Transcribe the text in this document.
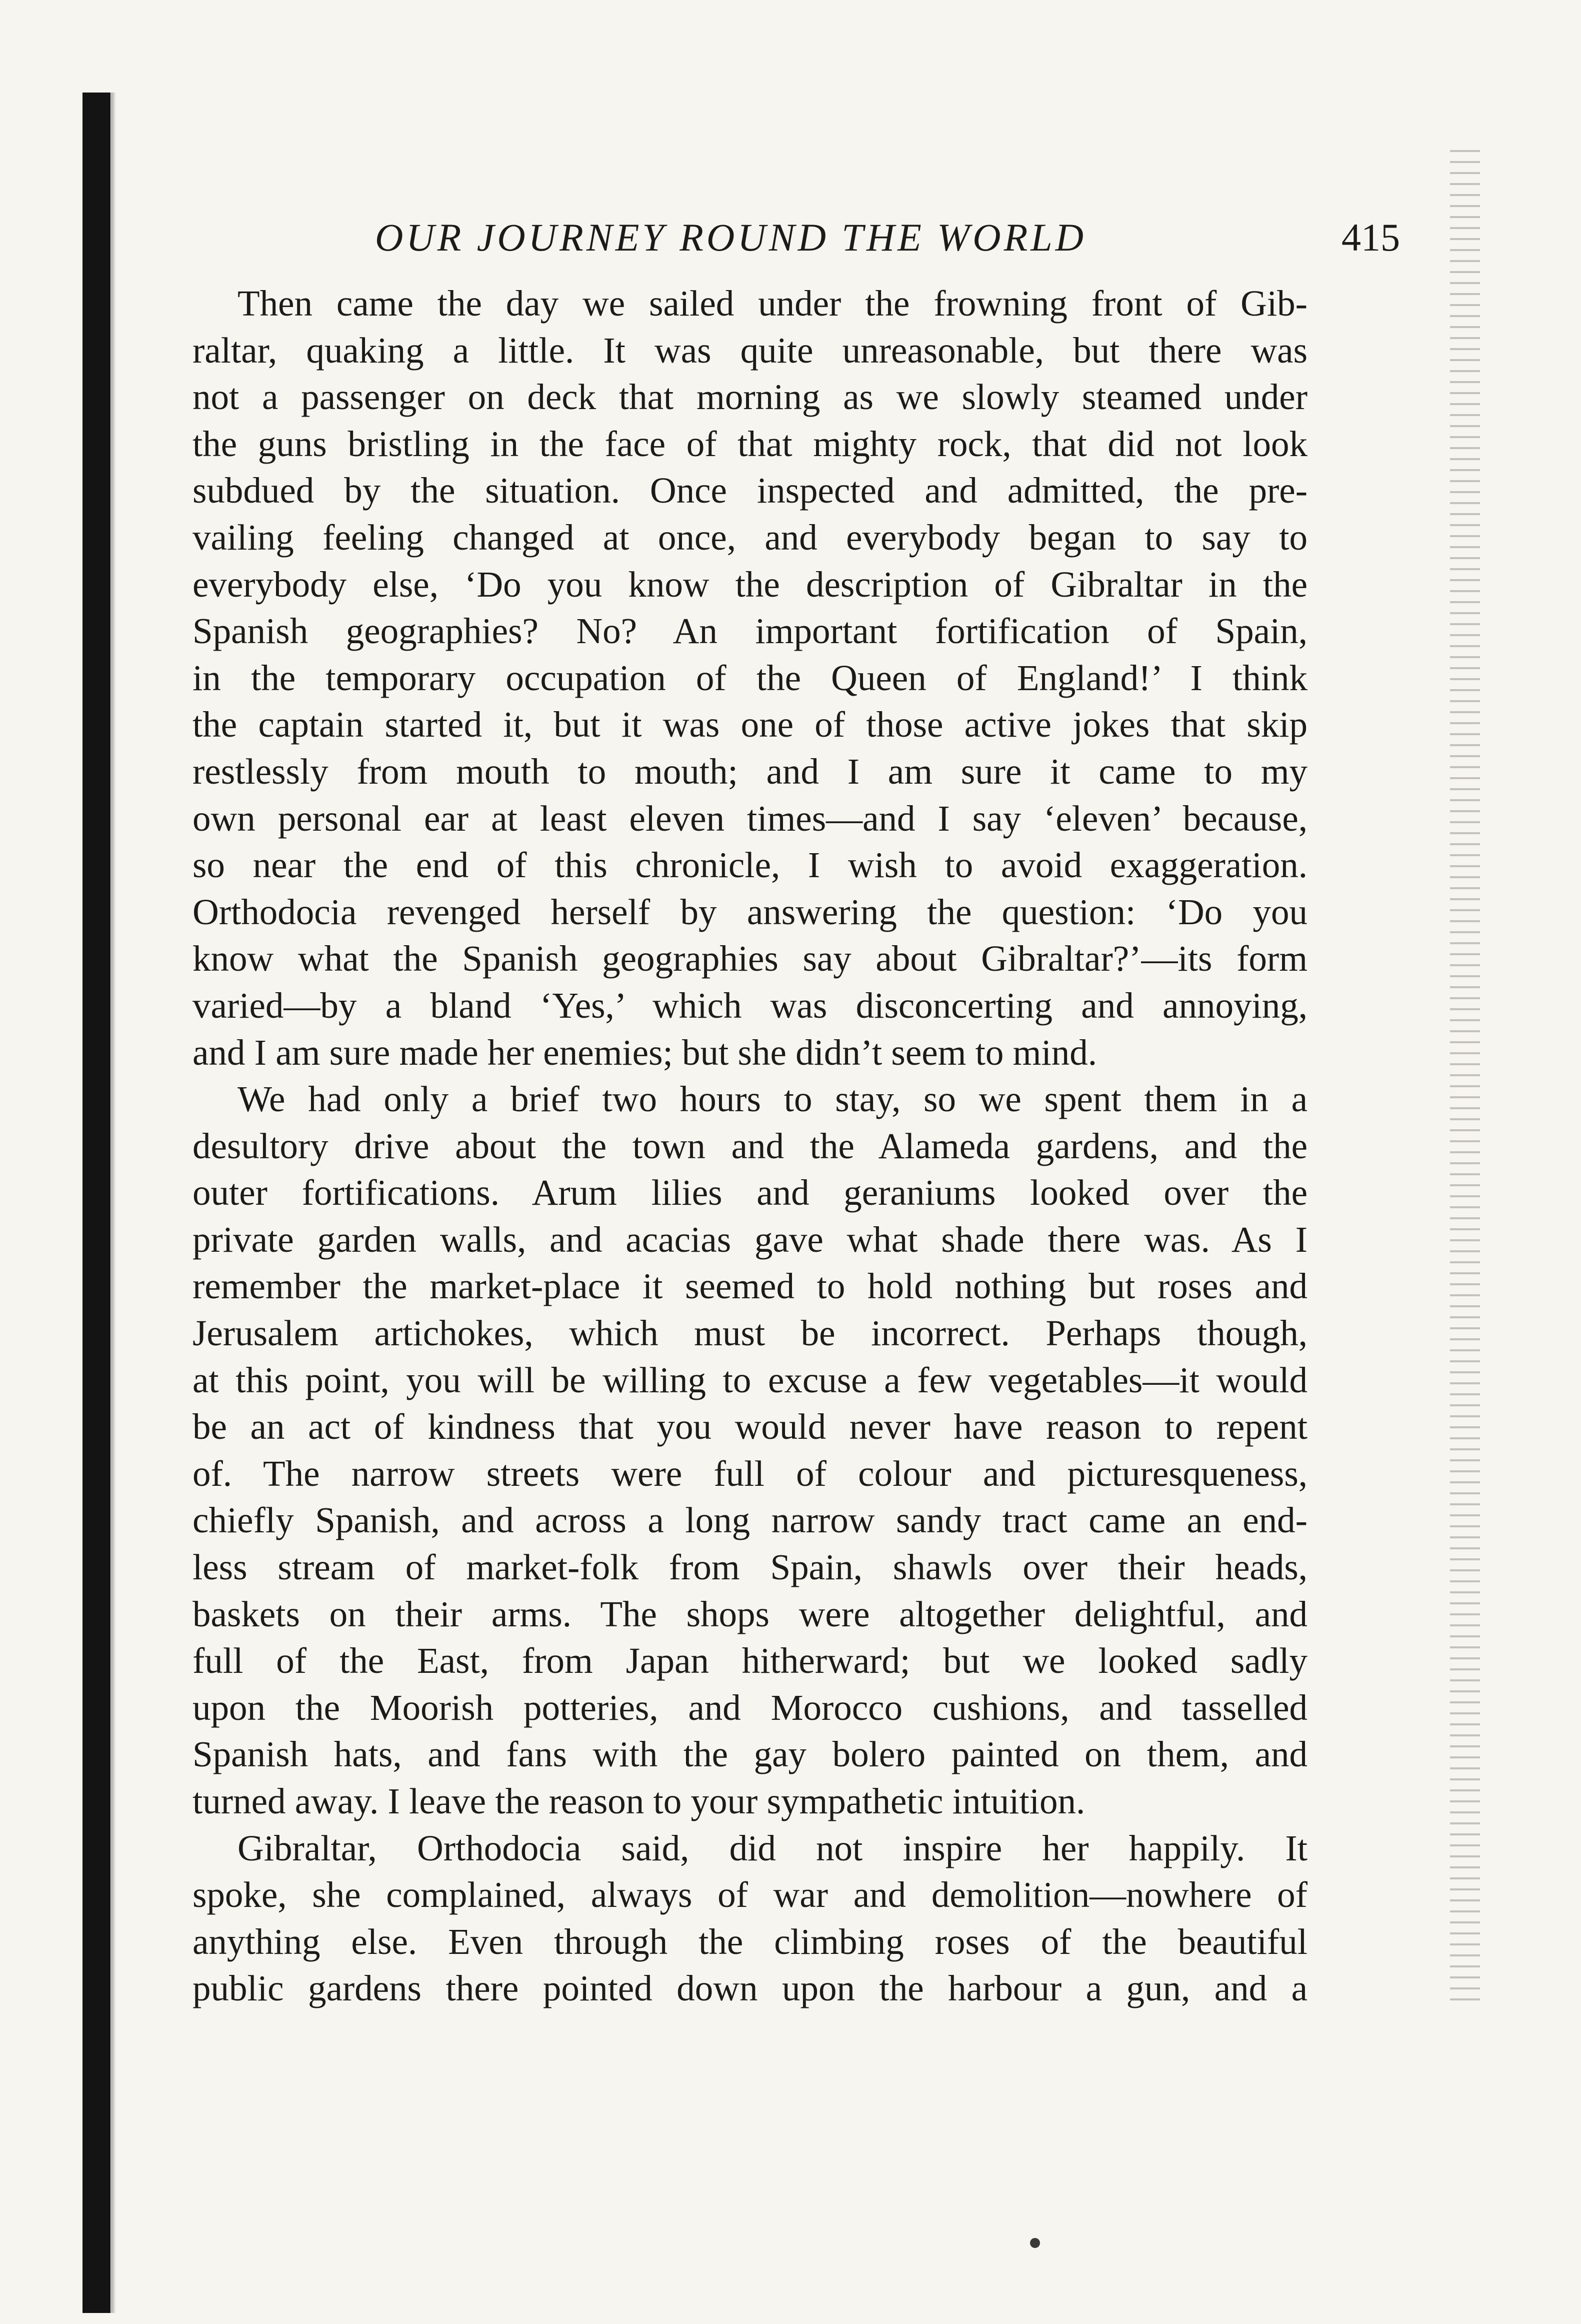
OUR JOURNEY ROUND THE WORLD	415
Then came the day we sailed under the frowning front of Gib-
raltar, quaking a little. It was quite unreasonable, but there was
not a passenger on deck that morning as we slowly steamed under
the guns bristling in the face of that mighty rock, that did not look
subdued by the situation. Once inspected and admitted, the pre-
vailing feeling changed at once, and everybody began to say to
everybody else, ‘Do you know the description of Gibraltar in the
Spanish geographies? No? An important fortification of Spain,
in the temporary occupation of the Queen of England!’ I think
the captain started it, but it was one of those active jokes that skip
restlessly from mouth to mouth; and I am sure it came to my
own personal ear at least eleven times—and I say ‘eleven’ because,
so near the end of this chronicle, I wish to avoid exaggeration.
Orthodocia revenged herself by answering the question: ‘Do you
know what the Spanish geographies say about Gibraltar?’—its form
varied—by a bland ‘Yes,’ which was disconcerting and annoying,
and I am sure made her enemies; but she didn’t seem to mind.
We had only a brief two hours to stay, so we spent them in a
desultory drive about the town and the Alameda gardens, and the
outer fortifications. Arum lilies and geraniums looked over the
private garden walls, and acacias gave what shade there was. As I
remember the market-place it seemed to hold nothing but roses and
Jerusalem artichokes, which must be incorrect. Perhaps though,
at this point, you will be willing to excuse a few vegetables—it would
be an act of kindness that you would never have reason to repent
of. The narrow streets were full of colour and picturesqueness,
chiefly Spanish, and across a long narrow sandy tract came an end-
less stream of market-folk from Spain, shawls over their heads,
baskets on their arms. The shops were altogether delightful, and
full of the East, from Japan hitherward; but we looked sadly
upon the Moorish potteries, and Morocco cushions, and tasselled
Spanish hats, and fans with the gay bolero painted on them, and
turned away. I leave the reason to your sympathetic intuition.
Gibraltar, Orthodocia said, did not inspire her happily. It
spoke, she complained, always of war and demolition—nowhere of
anything else. Even through the climbing roses of the beautiful
public gardens there pointed down upon the harbour a gun, and a
